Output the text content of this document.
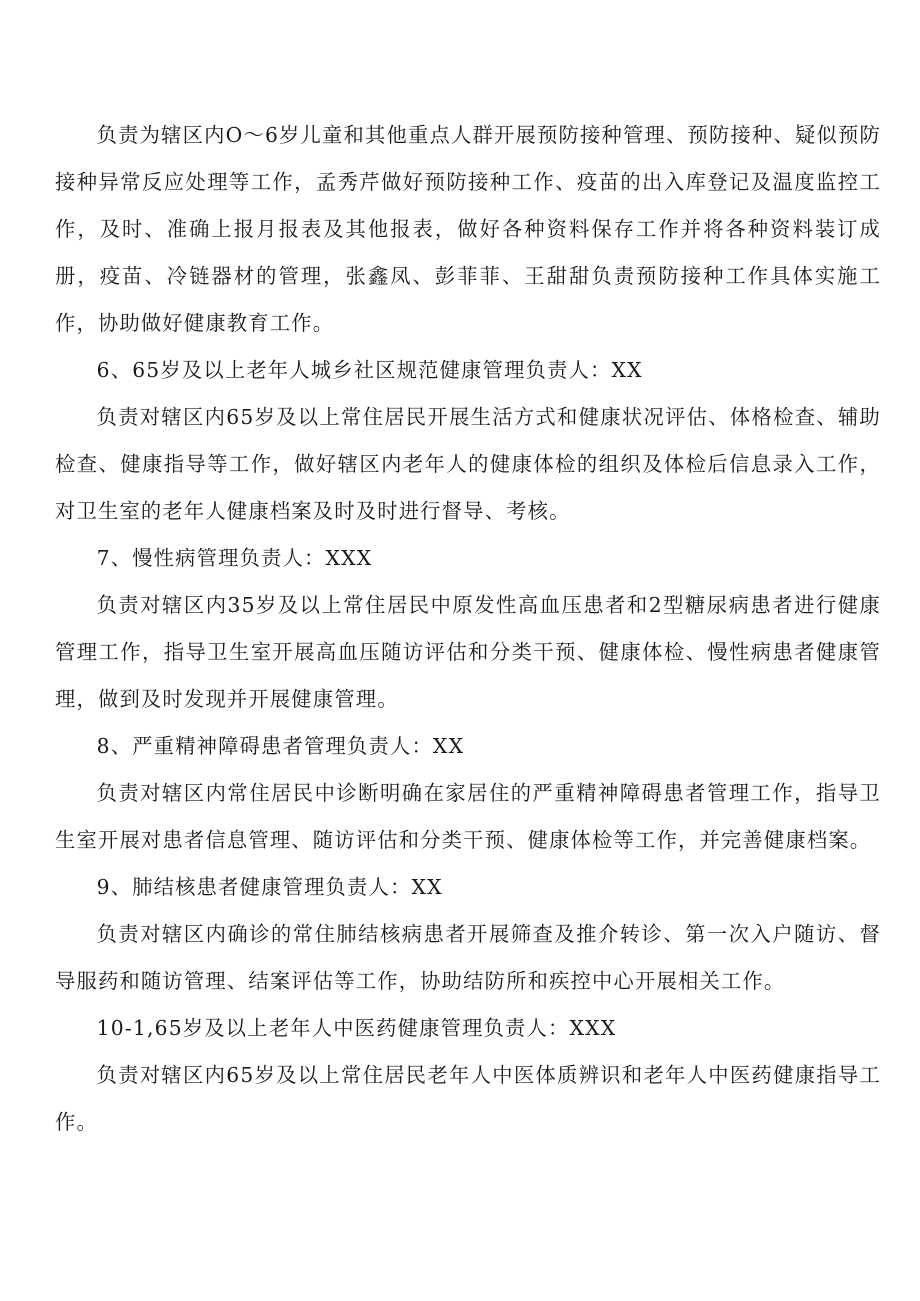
负责为辖区内O～6岁儿童和其他重点人群开展预防接种管理、预防接种、疑似预防接种异常反应处理等工作，孟秀芹做好预防接种工作、疫苗的出入库登记及温度监控工作，及时、准确上报月报表及其他报表，做好各种资料保存工作并将各种资料装订成册，疫苗、冷链器材的管理，张鑫凤、彭菲菲、王甜甜负责预防接种工作具体实施工作，协助做好健康教育工作。

6、65岁及以上老年人城乡社区规范健康管理负责人：XX

负责对辖区内65岁及以上常住居民开展生活方式和健康状况评估、体格检查、辅助检查、健康指导等工作，做好辖区内老年人的健康体检的组织及体检后信息录入工作，对卫生室的老年人健康档案及时及时进行督导、考核。

7、慢性病管理负责人：XXX

负责对辖区内35岁及以上常住居民中原发性高血压患者和2型糖尿病患者进行健康管理工作，指导卫生室开展高血压随访评估和分类干预、健康体检、慢性病患者健康管理，做到及时发现并开展健康管理。

8、严重精神障碍患者管理负责人：XX

负责对辖区内常住居民中诊断明确在家居住的严重精神障碍患者管理工作，指导卫生室开展对患者信息管理、随访评估和分类干预、健康体检等工作，并完善健康档案。

9、肺结核患者健康管理负责人：XX

负责对辖区内确诊的常住肺结核病患者开展筛查及推介转诊、第一次入户随访、督导服药和随访管理、结案评估等工作，协助结防所和疾控中心开展相关工作。

10-1,65岁及以上老年人中医药健康管理负责人：XXX

负责对辖区内65岁及以上常住居民老年人中医体质辨识和老年人中医药健康指导工作。
